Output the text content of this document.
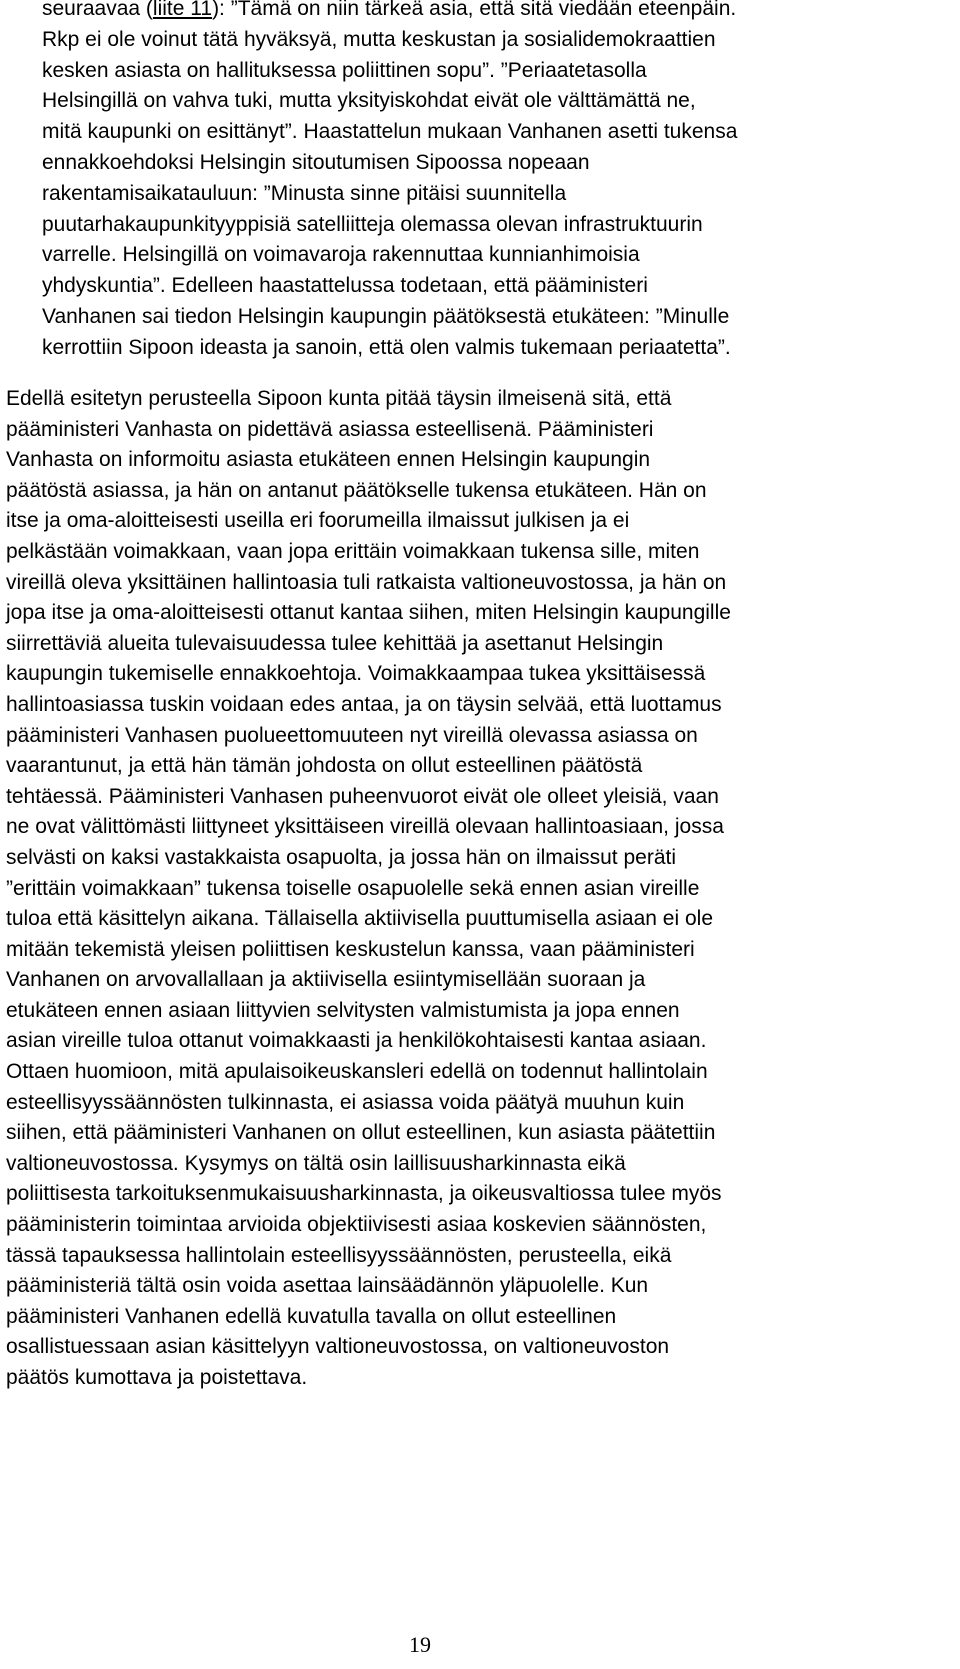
seuraavaa (liite 11): ”Tämä on niin tärkeä asia, että sitä viedään eteenpäin.
Rkp ei ole voinut tätä hyväksyä, mutta keskustan ja sosialidemokraattien
kesken asiasta on hallituksessa poliittinen sopu”. ”Periaatetasolla
Helsingillä on vahva tuki, mutta yksityiskohdat eivät ole välttämättä ne,
mitä kaupunki on esittänyt”. Haastattelun mukaan Vanhanen asetti tukensa
ennakkoehdoksi Helsingin sitoutumisen Sipoossa nopeaan
rakentamisaikatauluun: ”Minusta sinne pitäisi suunnitella
puutarhakaupunkityyppisiä satelliitteja olemassa olevan infrastruktuurin
varrelle. Helsingillä on voimavaroja rakennuttaa kunnianhimoisia
yhdyskuntia”. Edelleen haastattelussa todetaan, että pääministeri
Vanhanen sai tiedon Helsingin kaupungin päätöksestä etukäteen: ”Minulle
kerrottiin Sipoon ideasta ja sanoin, että olen valmis tukemaan periaatetta”.
Edellä esitetyn perusteella Sipoon kunta pitää täysin ilmeisenä sitä, että
pääministeri Vanhasta on pidettävä asiassa esteellisenä. Pääministeri
Vanhasta on informoitu asiasta etukäteen ennen Helsingin kaupungin
päätöstä asiassa, ja hän on antanut päätökselle tukensa etukäteen. Hän on
itse ja oma-aloitteisesti useilla eri foorumeilla ilmaissut julkisen ja ei
pelkästään voimakkaan, vaan jopa erittäin voimakkaan tukensa sille, miten
vireillä oleva yksittäinen hallintoasia tuli ratkaista valtioneuvostossa, ja hän on
jopa itse ja oma-aloitteisesti ottanut kantaa siihen, miten Helsingin kaupungille
siirrettäviä alueita tulevaisuudessa tulee kehittää ja asettanut Helsingin
kaupungin tukemiselle ennakkoehtoja. Voimakkaampaa tukea yksittäisessä
hallintoasiassa tuskin voidaan edes antaa, ja on täysin selvää, että luottamus
pääministeri Vanhasen puolueettomuuteen nyt vireillä olevassa asiassa on
vaarantunut, ja että hän tämän johdosta on ollut esteellinen päätöstä
tehtäessä. Pääministeri Vanhasen puheenvuorot eivät ole olleet yleisiä, vaan
ne ovat välittömästi liittyneet yksittäiseen vireillä olevaan hallintoasiaan, jossa
selvästi on kaksi vastakkaista osapuolta, ja jossa hän on ilmaissut peräti
”erittäin voimakkaan” tukensa toiselle osapuolelle sekä ennen asian vireille
tuloa että käsittelyn aikana. Tällaisella aktiivisella puuttumisella asiaan ei ole
mitään tekemistä yleisen poliittisen keskustelun kanssa, vaan pääministeri
Vanhanen on arvovallallaan ja aktiivisella esiintymisellään suoraan ja
etukäteen ennen asiaan liittyvien selvitysten valmistumista ja jopa ennen
asian vireille tuloa ottanut voimakkaasti ja henkilökohtaisesti kantaa asiaan.
Ottaen huomioon, mitä apulaisoikeuskansleri edellä on todennut hallintolain
esteellisyyssäännösten tulkinnasta, ei asiassa voida päätyä muuhun kuin
siihen, että pääministeri Vanhanen on ollut esteellinen, kun asiasta päätettiin
valtioneuvostossa. Kysymys on tältä osin laillisuusharkinnasta eikä
poliittisesta tarkoituksenmukaisuusharkinnasta, ja oikeusvaltiossa tulee myös
pääministerin toimintaa arvioida objektiivisesti asiaa koskevien säännösten,
tässä tapauksessa hallintolain esteellisyyssäännösten, perusteella, eikä
pääministeriä tältä osin voida asettaa lainsäädännön yläpuolelle. Kun
pääministeri Vanhanen edellä kuvatulla tavalla on ollut esteellinen
osallistuessaan asian käsittelyyn valtioneuvostossa, on valtioneuvoston
päätös kumottava ja poistettava.
19
